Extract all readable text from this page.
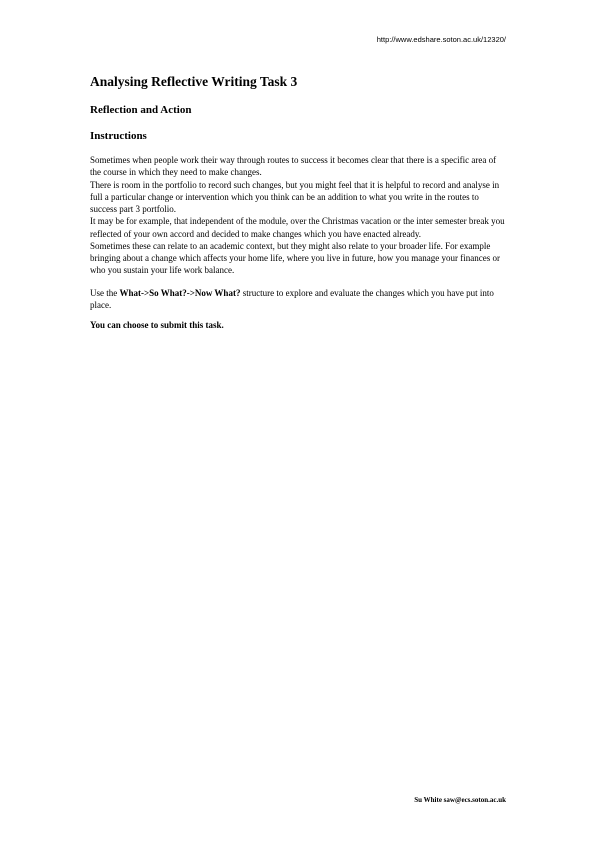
http://www.edshare.soton.ac.uk/12320/
Analysing Reflective Writing Task 3
Reflection and Action
Instructions

Sometimes when people work their way through routes to success it becomes clear that there is a specific area of the course in which they need to make changes.

There is room in the portfolio to record such changes, but you might feel that it is helpful to record and analyse in full a particular change or intervention which you think can be an addition to what you write in the routes to success part 3 portfolio.

It may be for example, that independent of the module, over the Christmas vacation or the inter semester break you reflected of your own accord and decided to make changes which you have enacted already.

Sometimes these can relate to an academic context, but they might also relate to your broader life. For example bringing about a change which affects your home life, where you live in future, how you manage your finances or who you sustain your life work balance.

Use the What->So What?->Now What? structure to explore and evaluate the changes which you have put into place.

You can choose to submit this task.

Su White saw@ecs.soton.ac.uk
